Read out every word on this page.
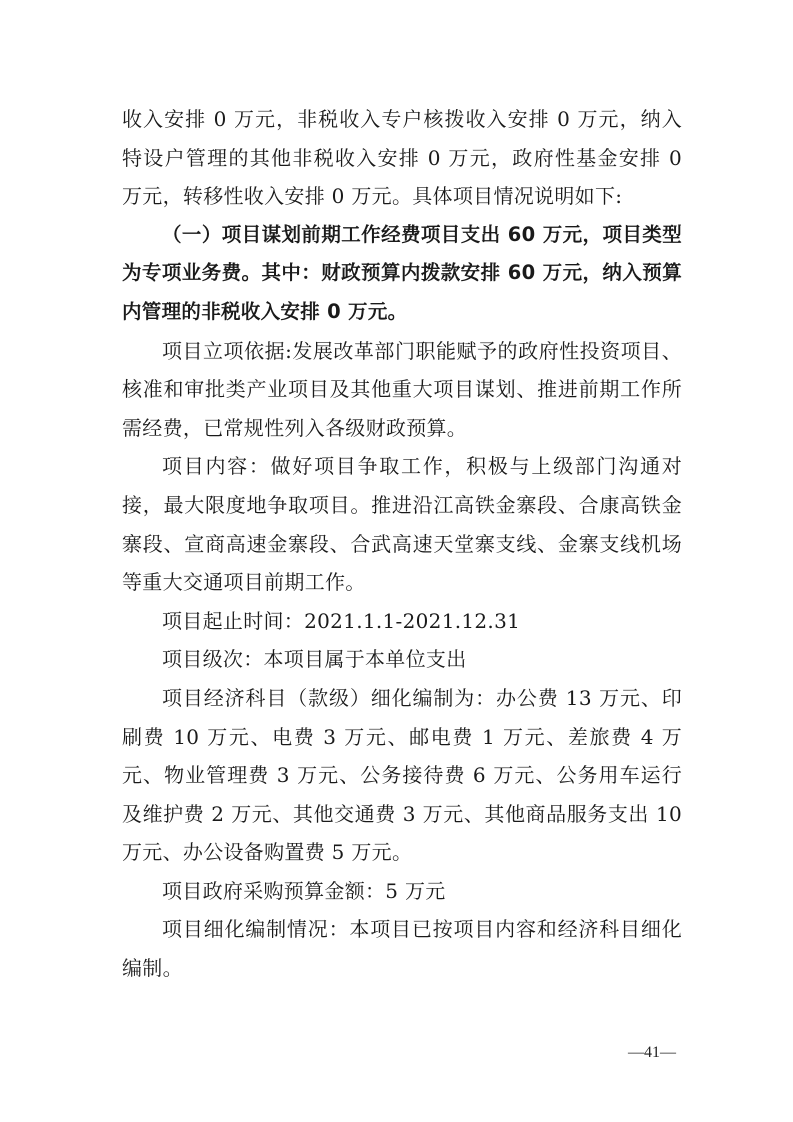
收入安排 0 万元，非税收入专户核拨收入安排 0 万元，纳入特设户管理的其他非税收入安排 0 万元，政府性基金安排 0 万元，转移性收入安排 0 万元。具体项目情况说明如下:

（一）项目谋划前期工作经费项目支出 60 万元，项目类型为专项业务费。其中：财政预算内拨款安排 60 万元，纳入预算内管理的非税收入安排 0 万元。

项目立项依据:发展改革部门职能赋予的政府性投资项目、核准和审批类产业项目及其他重大项目谋划、推进前期工作所需经费，已常规性列入各级财政预算。

项目内容：做好项目争取工作，积极与上级部门沟通对接，最大限度地争取项目。推进沿江高铁金寨段、合康高铁金寨段、宣商高速金寨段、合武高速天堂寨支线、金寨支线机场等重大交通项目前期工作。

项目起止时间：2021.1.1-2021.12.31

项目级次：本项目属于本单位支出

项目经济科目（款级）细化编制为：办公费 13 万元、印刷费 10 万元、电费 3 万元、邮电费 1 万元、差旅费 4 万元、物业管理费 3 万元、公务接待费 6 万元、公务用车运行及维护费 2 万元、其他交通费 3 万元、其他商品服务支出 10 万元、办公设备购置费 5 万元。

项目政府采购预算金额：5 万元

项目细化编制情况：本项目已按项目内容和经济科目细化编制。

—41—
